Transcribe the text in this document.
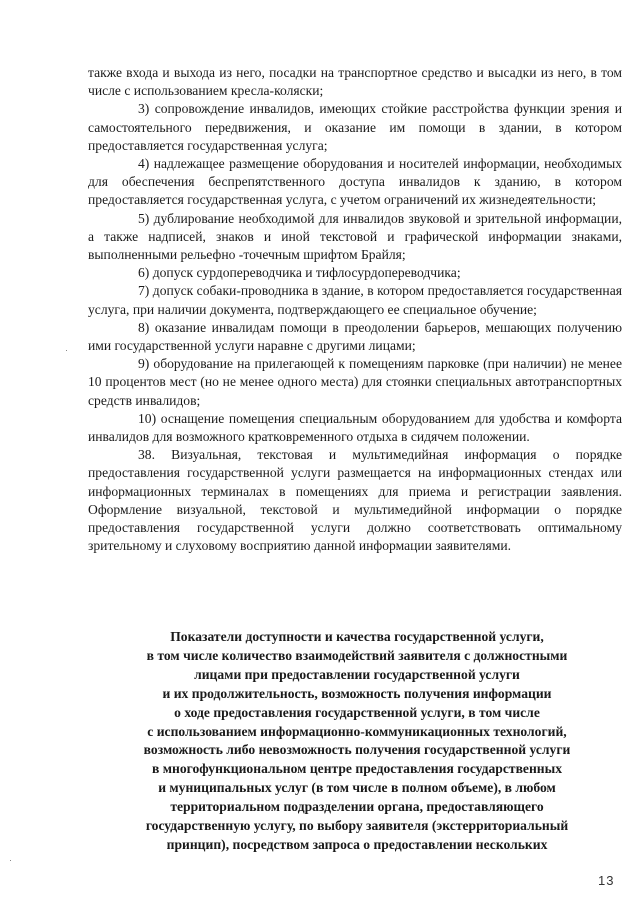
также входа и выхода из него, посадки на транспортное средство и высадки из него, в том числе с использованием кресла-коляски;

3) сопровождение инвалидов, имеющих стойкие расстройства функции зрения и самостоятельного передвижения, и оказание им помощи в здании, в котором предоставляется государственная услуга;

4) надлежащее размещение оборудования и носителей информации, необходимых для обеспечения беспрепятственного доступа инвалидов к зданию, в котором предоставляется государственная услуга, с учетом ограничений их жизнедеятельности;

5) дублирование необходимой для инвалидов звуковой и зрительной информации, а также надписей, знаков и иной текстовой и графической информации знаками, выполненными рельефно -точечным шрифтом Брайля;

6) допуск сурдопереводчика и тифлосурдопереводчика;

7) допуск собаки-проводника в здание, в котором предоставляется государственная услуга, при наличии документа, подтверждающего ее специальное обучение;

8) оказание инвалидам помощи в преодолении барьеров, мешающих получению ими государственной услуги наравне с другими лицами;

9) оборудование на прилегающей к помещениям парковке (при наличии) не менее 10 процентов мест (но не менее одного места) для стоянки специальных автотранспортных средств инвалидов;

10) оснащение помещения специальным оборудованием для удобства и комфорта инвалидов для возможного кратковременного отдыха в сидячем положении.

38. Визуальная, текстовая и мультимедийная информация о порядке предоставления государственной услуги размещается на информационных стендах или информационных терминалах в помещениях для приема и регистрации заявления. Оформление визуальной, текстовой и мультимедийной информации о порядке предоставления государственной услуги должно соответствовать оптимальному зрительному и слуховому восприятию данной информации заявителями.

Показатели доступности и качества государственной услуги,
в том числе количество взаимодействий заявителя с должностными
лицами при предоставлении государственной услуги
и их продолжительность, возможность получения информации
о ходе предоставления государственной услуги, в том числе
с использованием информационно-коммуникационных технологий,
возможность либо невозможность получения государственной услуги
в многофункциональном центре предоставления государственных
и муниципальных услуг (в том числе в полном объеме), в любом
территориальном подразделении органа, предоставляющего
государственную услугу, по выбору заявителя (экстерриториальный
принцип), посредством запроса о предоставлении нескольких
13
